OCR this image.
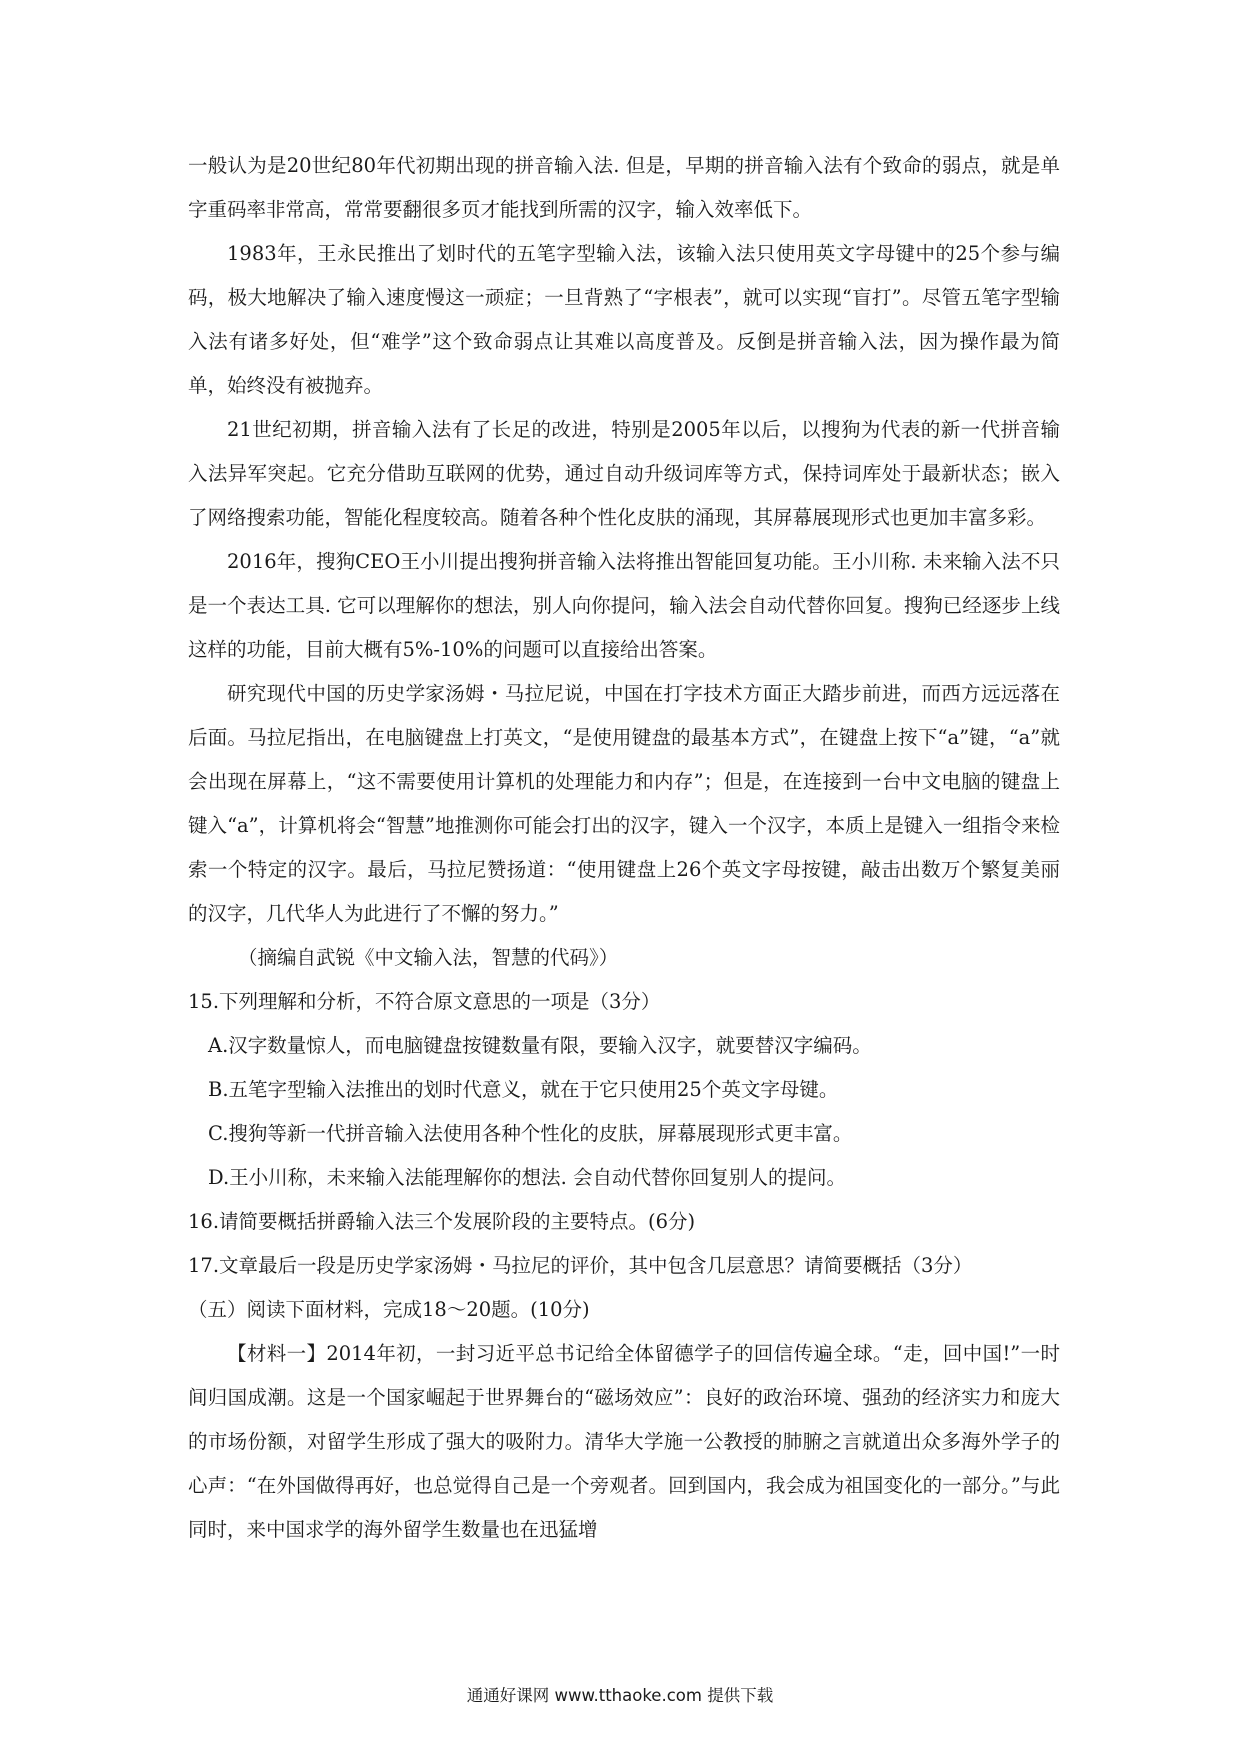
一般认为是20世纪80年代初期出现的拼音输入法. 但是，早期的拼音输入法有个致命的弱点，就是单字重码率非常高，常常要翻很多页才能找到所需的汉字，输入效率低下。

1983年，王永民推出了划时代的五笔字型输入法，该输入法只使用英文字母键中的25个参与编码，极大地解决了输入速度慢这一顽症；一旦背熟了“字根表”，就可以实现“盲打”。尽管五笔字型输入法有诸多好处，但“难学”这个致命弱点让其难以高度普及。反倒是拼音输入法，因为操作最为简单，始终没有被抛弃。

21世纪初期，拼音输入法有了长足的改进，特别是2005年以后，以搜狗为代表的新一代拼音输入法异军突起。它充分借助互联网的优势，通过自动升级词库等方式，保持词库处于最新状态；嵌入了网络搜索功能，智能化程度较高。随着各种个性化皮肤的涌现，其屏幕展现形式也更加丰富多彩。

2016年，搜狗CEO王小川提出搜狗拼音输入法将推出智能回复功能。王小川称. 未来输入法不只是一个表达工具. 它可以理解你的想法，别人向你提问，输入法会自动代替你回复。搜狗已经逐步上线这样的功能，目前大概有5%-10%的问题可以直接给出答案。

研究现代中国的历史学家汤姆・马拉尼说，中国在打字技术方面正大踏步前进，而西方远远落在后面。马拉尼指出，在电脑键盘上打英文，“是使用键盘的最基本方式”，在键盘上按下“a”键，“a”就会出现在屏幕上，“这不需要使用计算机的处理能力和内存”；但是，在连接到一台中文电脑的键盘上键入“a”，计算机将会“智慧”地推测你可能会打出的汉字，键入一个汉字，本质上是键入一组指令来检索一个特定的汉字。最后，马拉尼赞扬道：“使用键盘上26个英文字母按键，敲击出数万个繁复美丽的汉字，几代华人为此进行了不懈的努力。”

（摘编自武锐《中文输入法，智慧的代码》）

15.下列理解和分析，不符合原文意思的一项是（3分）

A.汉字数量惊人，而电脑键盘按键数量有限，要输入汉字，就要替汉字编码。

B.五笔字型输入法推出的划时代意义，就在于它只使用25个英文字母键。

C.搜狗等新一代拼音输入法使用各种个性化的皮肤，屏幕展现形式更丰富。

D.王小川称，未来输入法能理解你的想法. 会自动代替你回复别人的提问。

16.请简要概括拼爵输入法三个发展阶段的主要特点。(6分)

17.文章最后一段是历史学家汤姆・马拉尼的评价，其中包含几层意思？请简要概括（3分）

（五）阅读下面材料，完成18～20题。(10分)

【材料一】2014年初，一封习近平总书记给全体留德学子的回信传遍全球。“走，回中国!”一时间归国成潮。这是一个国家崛起于世界舞台的“磁场效应”：良好的政治环境、强劲的经济实力和庞大的市场份额，对留学生形成了强大的吸附力。清华大学施一公教授的肺腑之言就道出众多海外学子的心声：“在外国做得再好，也总觉得自己是一个旁观者。回到国内，我会成为祖国变化的一部分。”与此同时，来中国求学的海外留学生数量也在迅猛增

通通好课网 www.tthaoke.com 提供下载
